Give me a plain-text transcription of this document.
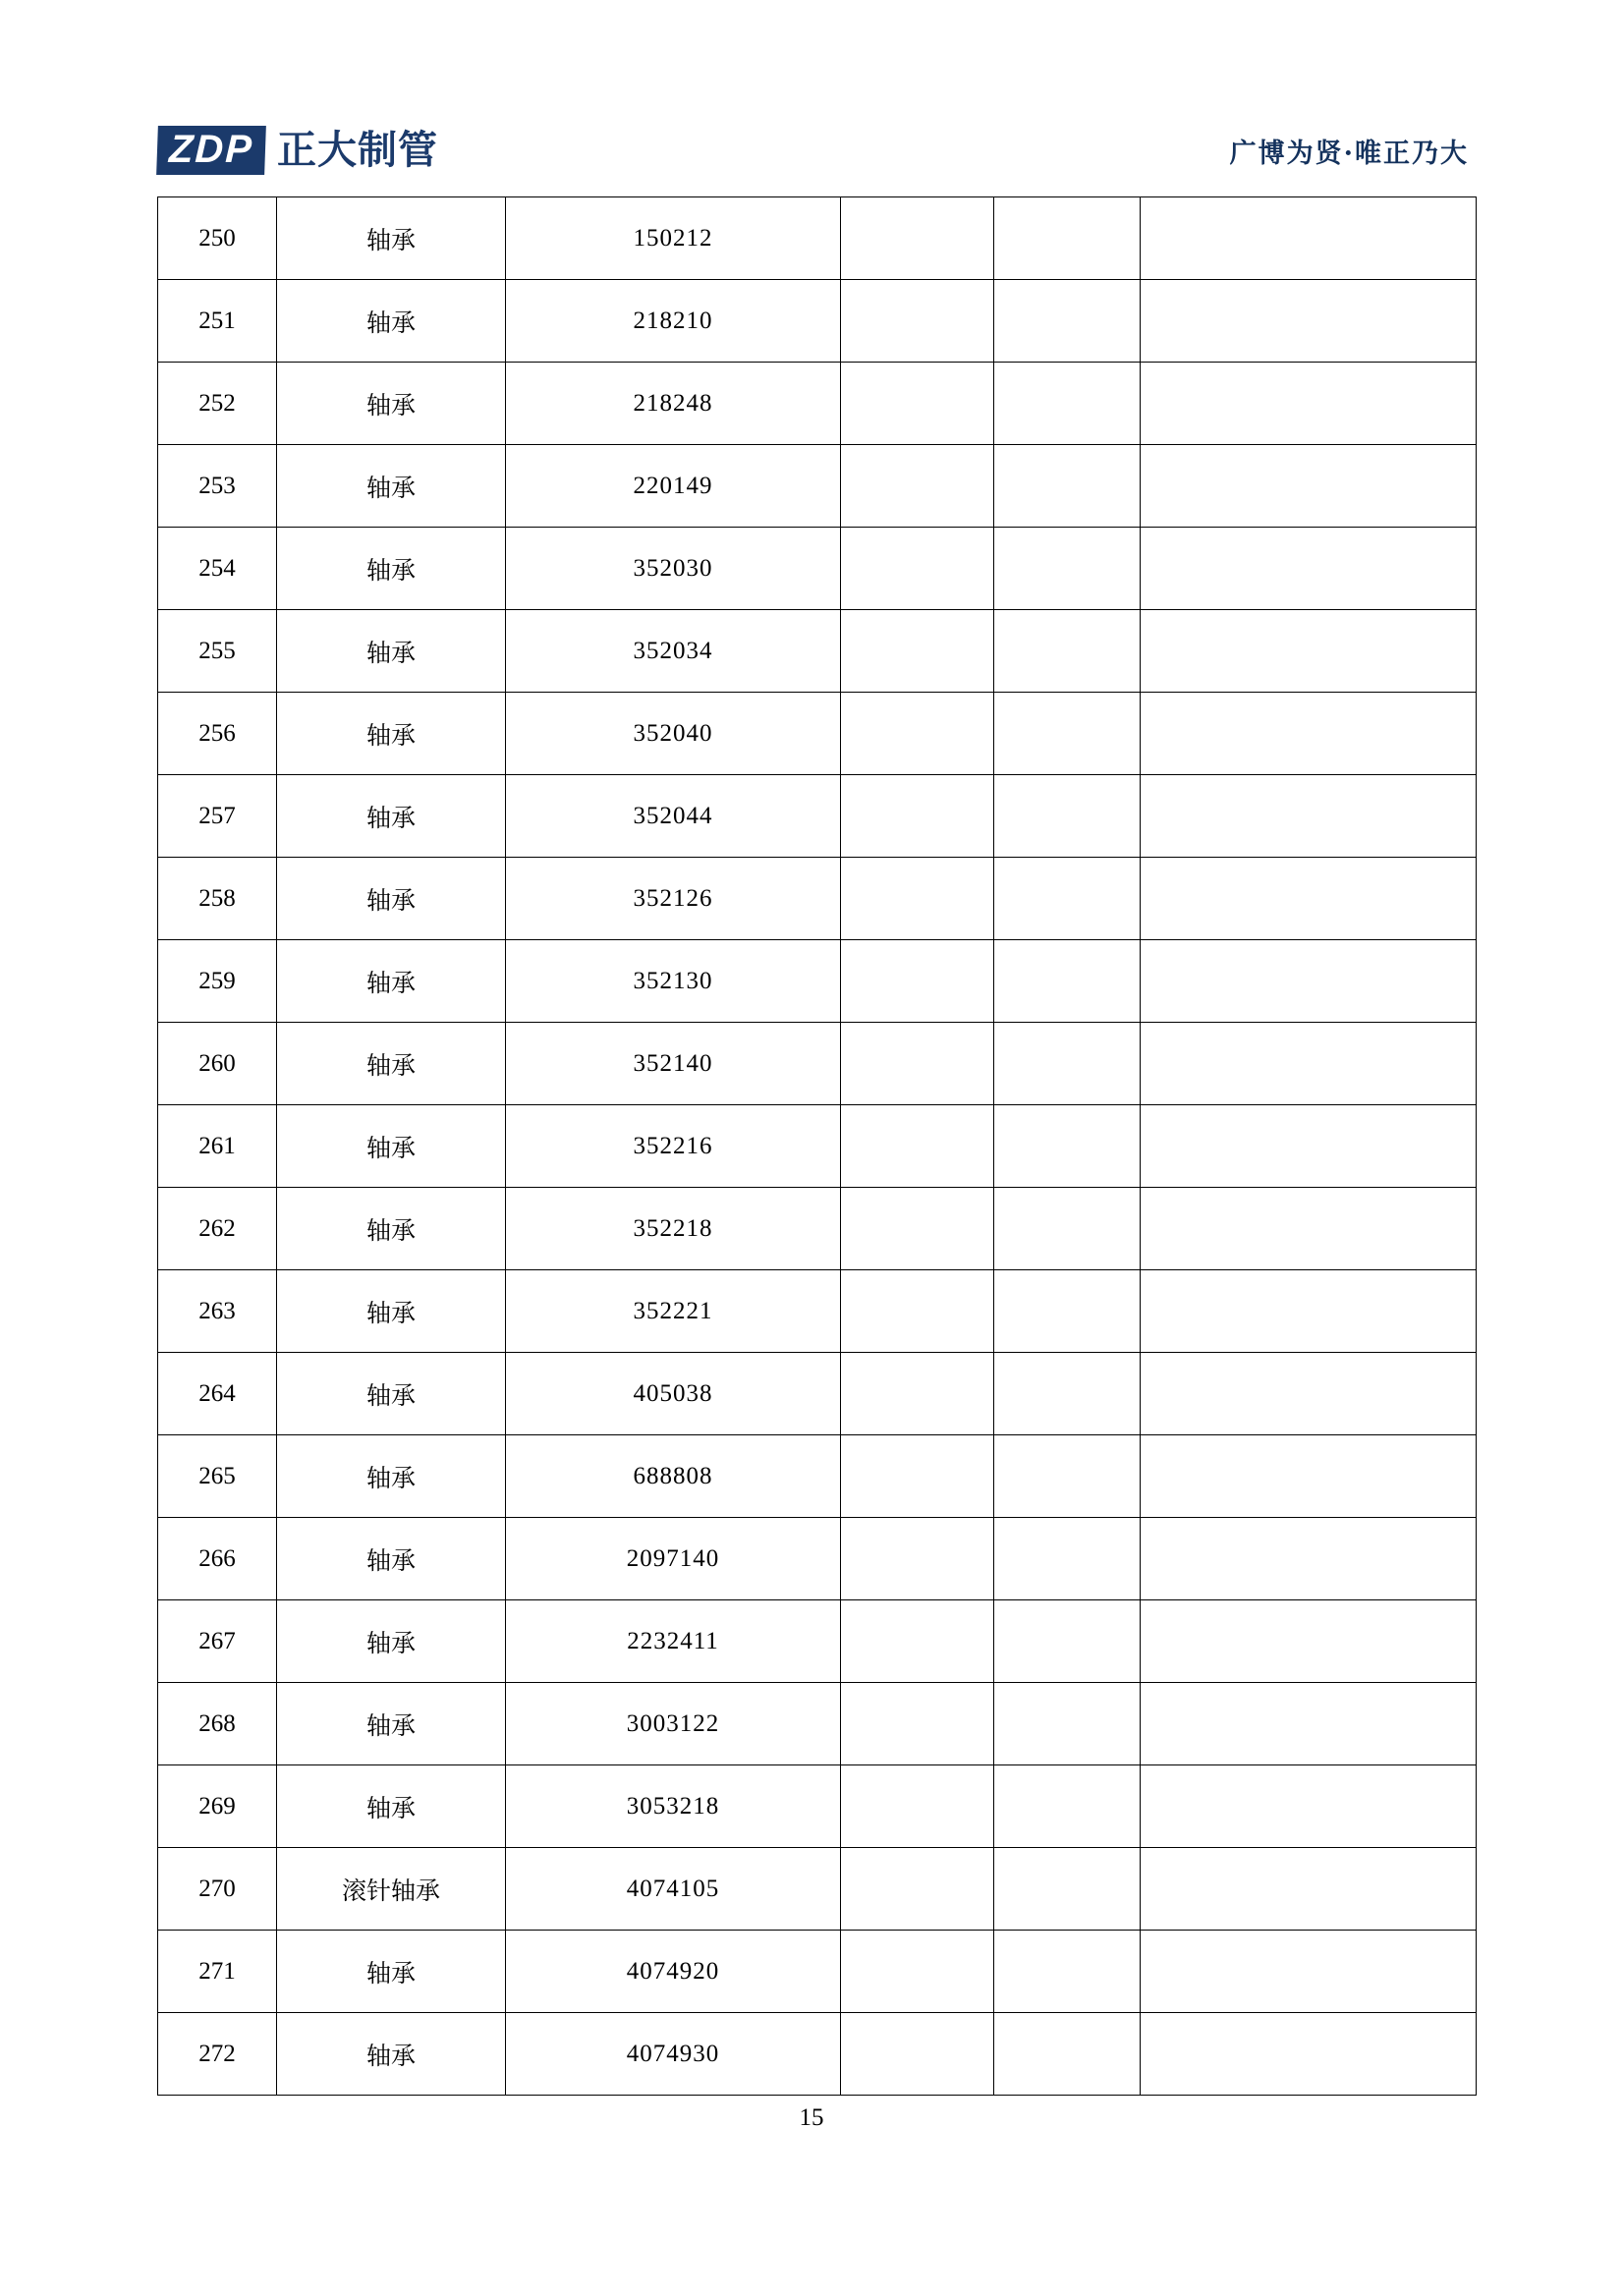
ZDP 正大制管	广博为贤·唯正乃大
250	轴承	150212			
251	轴承	218210			
252	轴承	218248			
253	轴承	220149			
254	轴承	352030			
255	轴承	352034			
256	轴承	352040			
257	轴承	352044			
258	轴承	352126			
259	轴承	352130			
260	轴承	352140			
261	轴承	352216			
262	轴承	352218			
263	轴承	352221			
264	轴承	405038			
265	轴承	688808			
266	轴承	2097140			
267	轴承	2232411			
268	轴承	3003122			
269	轴承	3053218			
270	滚针轴承	4074105			
271	轴承	4074920			
272	轴承	4074930			
15
